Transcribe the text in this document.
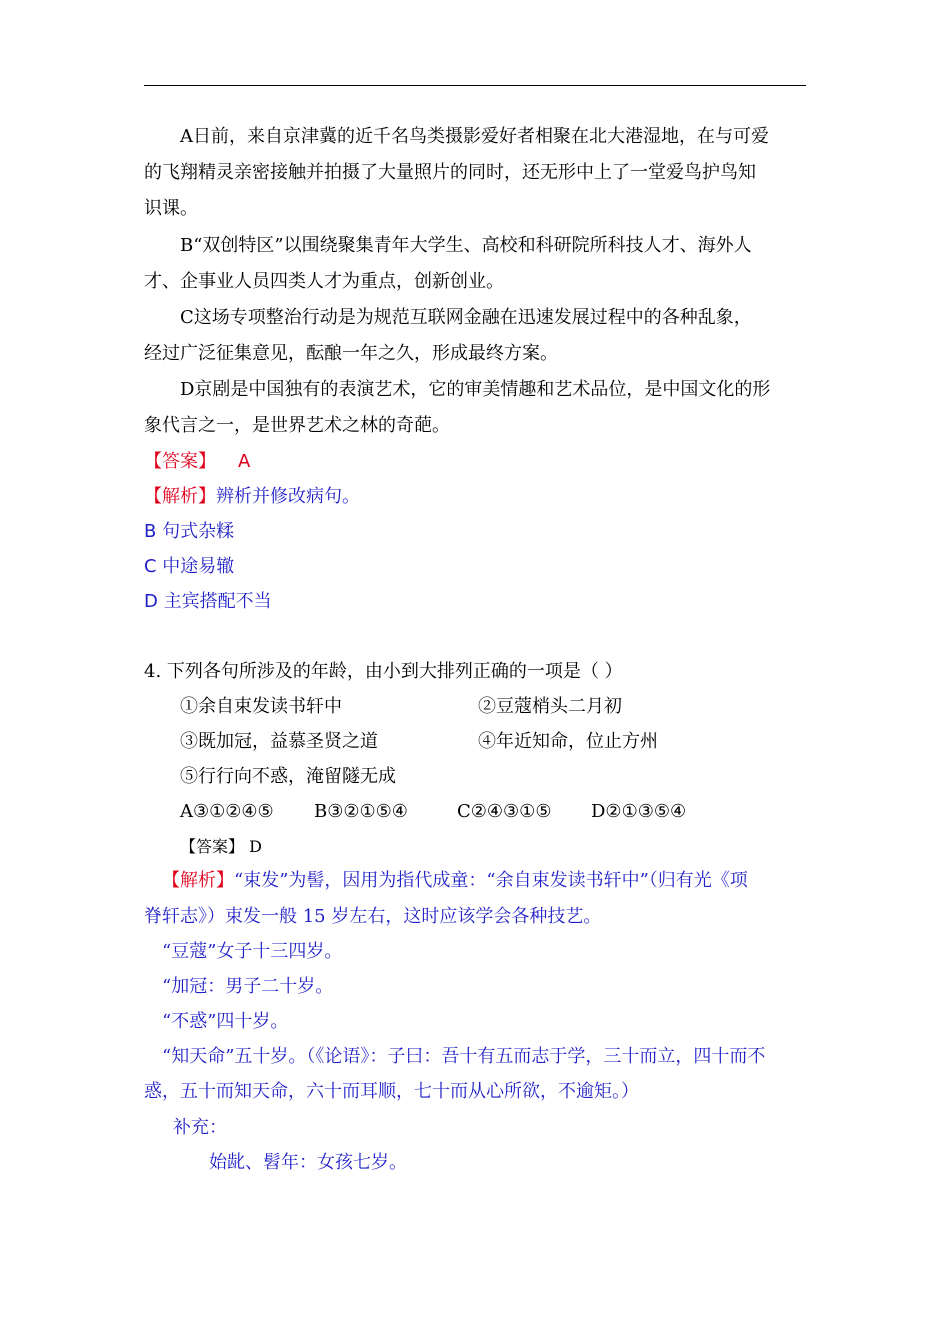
A日前，来自京津冀的近千名鸟类摄影爱好者相聚在北大港湿地，在与可爱
的飞翔精灵亲密接触并拍摄了大量照片的同时，还无形中上了一堂爱鸟护鸟知
识课。
B“双创特区”以围绕聚集青年大学生、高校和科研院所科技人才、海外人
才、企事业人员四类人才为重点，创新创业。
C这场专项整治行动是为规范互联网金融在迅速发展过程中的各种乱象，
经过广泛征集意见，酝酿一年之久，形成最终方案。
D京剧是中国独有的表演艺术，它的审美情趣和艺术品位，是中国文化的形
象代言之一，是世界艺术之林的奇葩。
【答案】 A
【解析】辨析并修改病句。
B 句式杂糅
C 中途易辙
D 主宾搭配不当
4. 下列各句所涉及的年龄，由小到大排列正确的一项是（ ）
①余自束发读书轩中	②豆蔻梢头二月初
③既加冠，益慕圣贤之道	④年近知命，位止方州
⑤行行向不惑，淹留隧无成
A③①②④⑤ B③②①⑤④	C②④③①⑤ D②①③⑤④
【答案】 D
【解析】“束发”为髻，因用为指代成童：“余自束发读书轩中”（归有光《项
脊轩志》）束发一般 15 岁左右，这时应该学会各种技艺。
“豆蔻”女子十三四岁。
“加冠：男子二十岁。
“不惑”四十岁。
“知天命”五十岁。（《论语》：子曰：吾十有五而志于学，三十而立，四十而不
惑，五十而知天命，六十而耳顺，七十而从心所欲，不逾矩。）
补充：
始龀、髫年：女孩七岁。
